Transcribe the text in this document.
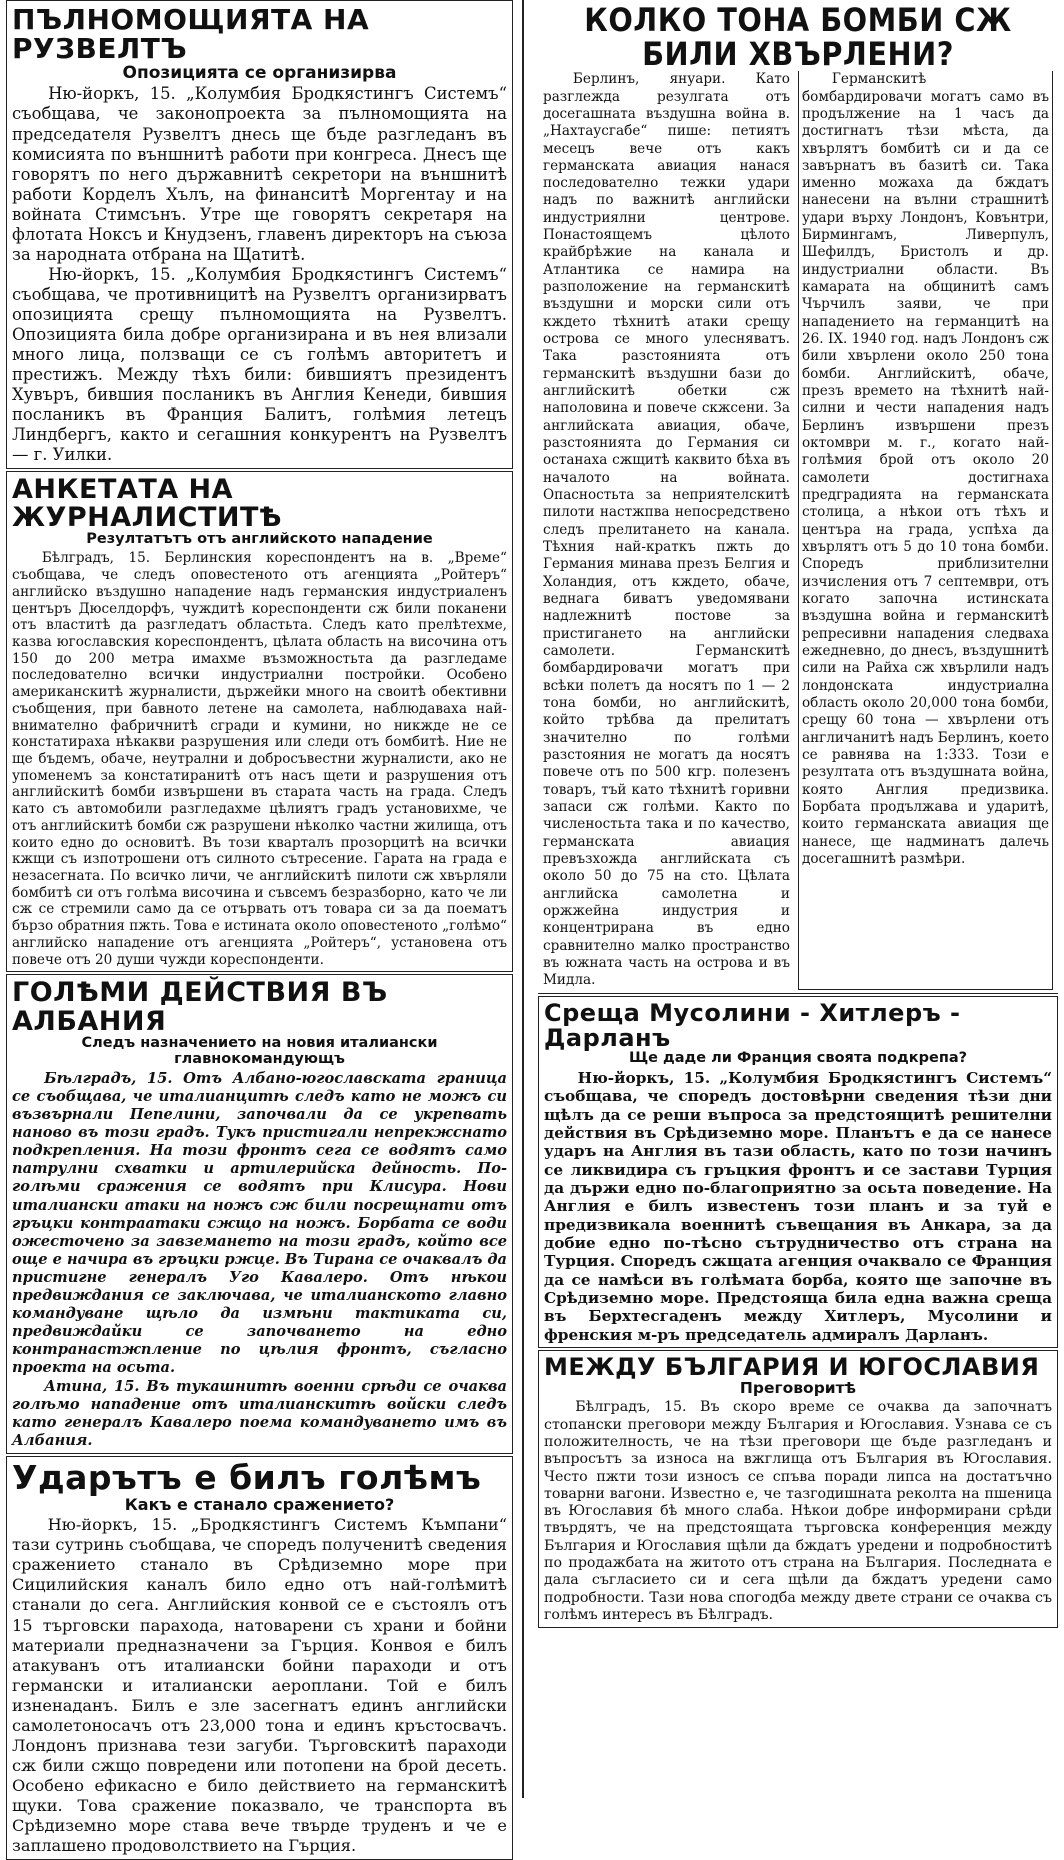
ПЪЛНОМОЩИЯТА НА РУЗВЕЛТЪ
Опозицията се организирва

Ню-йоркъ, 15. „Колумбия Бродкястингъ Системъ“ съобщава, че законопроекта за пълномощията на председателя Рузвелтъ днесь ще бъде разгледанъ въ комисията по външнитѣ работи при конгреса. Днесъ ще говорятъ по него държавнитѣ секретори на външнитѣ работи Корделъ Хълъ, на финанситѣ Моргентау и на войната Стимсънъ. Утре ще говорятъ секретаря на флотата Ноксъ и Кнудзенъ, главенъ директоръ на съюза за народната отбрана на Щатитѣ.

Ню-йоркъ, 15. „Колумбия Бродкястингъ Системъ“ съобщава, че противницитѣ на Рузвелтъ организирватъ опозицията срещу пълномощията на Рузвелтъ. Опозицията била добре организирана и въ нея влизали много лица, ползващи се съ голѣмъ авторитетъ и престижъ. Между тѣхъ били: бившиятъ президентъ Хувъръ, бившия посланикъ въ Англия Кенеди, бившия посланикъ въ Франция Балитъ, голѣмия летецъ Линдбергъ, както и сегашния конкурентъ на Рузвелтъ — г. Уилки.

АНКЕТАТА НА ЖУРНАЛИСТИТѢ
Резултатътъ отъ английското нападение

Бѣлградъ, 15. Берлинския кореспондентъ на в. „Време“ съобщава, че следъ оповестеното отъ агенцията „Ройтеръ“ английско въздушно нападение надъ германския индустриаленъ центъръ Дюселдорфъ, чуждитѣ кореспонденти сж били поканени отъ властитѣ да разгледатъ областьта. Следъ като прелѣтехме, казва югославския кореспондентъ, цѣлата область на височина отъ 150 до 200 метра имахме възможностьта да разгледаме последователно всички индустриални постройки. Особено американскитѣ журналисти, държейки много на своитѣ обективни съобщения, при бавното летене на самолета, наблюдаваха най-внимателно фабричнитѣ сгради и кумини, но никжде не се констатираха нѣкакви разрушения или следи отъ бомбитѣ. Ние не ще бъдемъ, обаче, неутрални и добросъвестни журналисти, ако не упоменемъ за констатиранитѣ отъ насъ щети и разрушения отъ английскитѣ бомби извършени въ старата часть на града. Следъ като съ автомобили разгледахме цѣлиятъ градъ установихме, че отъ английскитѣ бомби сж разрушени нѣколко частни жилища, отъ които едно до основитѣ. Въ този кварталъ прозорцитѣ на всички кжщи съ изпотрошени отъ силното сътресение. Гарата на града е незасегната. По всичко личи, че английскитѣ пилоти сж хвърляли бомбитѣ си отъ голѣма височина и съвсемъ безразборно, като че ли сж се стремили само да се отървать отъ товара си за да поематъ бързо обратния пжть. Това е истината около оповестеното „голѣмо“ английско нападение отъ агенцията „Ройтеръ“, установена отъ повече отъ 20 души чужди кореспонденти.

ГОЛѢМИ ДЕЙСТВИЯ ВЪ АЛБАНИЯ
Следъ назначението на новия италиански главнокомандующъ

Бѣлградъ, 15. Отъ Албано-югославската граница се съобщава, че италианцитѣ следъ като не можъ си възвърнали Пепелини, започвали да се укрепвать наново въ този градъ. Тукъ пристигали непрекжснато подкрепления. На този фронтъ сега се водятъ само патрулни схватки и артилерийска дейность. По-голѣми сражения се водятъ при Клисура. Нови италиански атаки на ножъ сж били посрещнати отъ гръцки контраатаки сжщо на ножъ. Борбата се води ожесточено за завземането на този градъ, който все още е начира въ гръцки ржце. Въ Тирана се очаквалъ да пристигне генералъ Уго Кавалеро. Отъ нѣкои предвиждания се заключава, че италианското главно командуване щѣло да измѣни тактиката си, предвиждайки се започването на едно контранастжпление по цѣлия фронтъ, съгласно проекта на осьта.

Атина, 15. Въ тукашнитѣ военни срѣди се очаква голѣмо нападение отъ италианскитѣ войски следъ като генералъ Кавалеро поема командуването имъ въ Албания.

Ударътъ е билъ голѣмъ
Какъ е станало сражението?

Ню-йоркъ, 15. „Бродкястингъ Системъ Къмпани“ тази сутринь съобщава, че споредъ полученитѣ сведения сражението станало въ Срѣдиземно море при Сицилийския каналъ било едно отъ най-голѣмитѣ станали до сега. Английския конвой се е състоялъ отъ 15 търговски парахода, натоварени съ храни и бойни материали предназначени за Гърция. Конвоя е билъ атакуванъ отъ италиански бойни параходи и отъ германски и италиански аероплани. Той е билъ изненаданъ. Билъ е зле засегнатъ единъ английски самолетоносачъ отъ 23,000 тона и единъ кръстосвачъ. Лондонъ признава тези загуби. Търговскитѣ параходи сж били сжщо повредени или потопени на брой десеть. Особено ефикасно е било действието на германскитѣ щуки. Това сражение показвало, че транспорта въ Срѣдиземно море става вече твърде труденъ и че е заплашено продоволствието на Гърция.

КОЛКО ТОНА БОМБИ СЖ БИЛИ ХВЪРЛЕНИ?

Берлинъ, януари. Като разглежда резулгата отъ досегашната въздушна война в. „Нахтаусгабе“ пише: петиятъ месецъ вече отъ какъ германската авиация нанася последователно тежки удари надъ по важнитѣ английски индустриялни центрове. Понастоящемъ цѣлото крайбрѣжие на канала и Атлантика се намира на разположение на германскитѣ въздушни и морски сили отъ кждето тѣхнитѣ атаки срещу острова се много улесняватъ. Така разстоянията отъ германскитѣ въздушни бази до английскитѣ обетки сж наполовина и повече скжсени. За английската авиация, обаче, разстоянията до Германия си останаха сжщитѣ каквито бѣха въ началото на войната. Опасностьта за неприятелскитѣ пилоти настжпва непосредствено следъ прелитането на канала. Тѣхния най-краткъ пжть до Германия минава презъ Белгия и Холандия, отъ кждето, обаче, веднага биватъ уведомявани надлежнитѣ постове за пристигането на английски самолети. Германскитѣ бомбардировачи могатъ при всѣки полетъ да носятъ по 1 — 2 тона бомби, но английскитѣ, който трѣбва да прелитатъ значително по голѣми разстояния не могатъ да носятъ повече отъ по 500 кгр. полезенъ товаръ, тъй като тѣхнитѣ горивни запаси сж голѣми. Както по численостьта така и по качество, германската авиация превъзхожда английската съ около 50 до 75 на сто. Цѣлата английска самолетна и оржжейна индустрия и концентрирана въ едно сравнително малко пространство въ южната часть на острова и въ Мидла.

Германскитѣ бомбардировачи могатъ само въ продължение на 1 часъ да достигнатъ тѣзи мѣста, да хвърлятъ бомбитѣ си и да се завърнатъ въ базитѣ си. Така именно можаха да бждатъ нанесени на вълни страшнитѣ удари върху Лондонъ, Ковънтри, Бирмингамъ, Ливерпулъ, Шефилдъ, Бристолъ и др. индустриални области. Въ камарата на общинитѣ самъ Чърчилъ заяви, че при нападението на германцитѣ на 26. IX. 1940 год. надъ Лондонъ сж били хвърлени около 250 тона бомби. Английскитѣ, обаче, презъ времето на тѣхнитѣ най-силни и чести нападения надъ Берлинъ извършени презъ октомври м. г., когато най-голѣмия брой отъ около 20 самолети достигнаха предградията на германската столица, а нѣкои отъ тѣхъ и центъра на града, успѣха да хвърлятъ отъ 5 до 10 тона бомби. Споредъ приблизителни изчисления отъ 7 септември, отъ когато започна истинската въздушна война и германскитѣ репресивни нападения следваха ежедневно, до днесъ, въздушнитѣ сили на Райха сж хвърлили надъ лондонската индустриална область около 20,000 тона бомби, срещу 60 тона — хвърлени отъ англичанитѣ надъ Берлинъ, което се равнява на 1:333. Този е резултата отъ въздушната война, която Англия предизвика. Борбата продължава и ударитѣ, които германската авиация ще нанесе, ще надминатъ далечь досегашнитѣ размѣри.

Среща Мусолини - Хитлеръ - Дарланъ
Ще даде ли Франция своята подкрепа?

Ню-йоркъ, 15. „Колумбия Бродкястингъ Системъ“ съобщава, че споредъ достовѣрни сведения тѣзи дни щѣлъ да се реши въпроса за предстоящитѣ решителни действия въ Срѣдиземно море. Планътъ е да се нанесе ударъ на Англия въ тази область, като по този начинъ се ликвидира съ гръцкия фронтъ и се застави Турция да държи едно по-благоприятно за осьта поведение. На Англия е билъ известенъ този планъ и за туй е предизвикала военнитѣ съвещания въ Анкара, за да добие едно по-тѣсно сътрудничество отъ страна на Турция. Споредъ сжщата агенция очаквало се Франция да се намѣси въ голѣмата борба, която ще започне въ Срѣдиземно море. Предстояща била една важна среща въ Берхтесгаденъ между Хитлеръ, Мусолини и френския м-ръ председатель адмиралъ Дарланъ.

МЕЖДУ БЪЛГАРИЯ И ЮГОСЛАВИЯ
Преговоритѣ

Бѣлградъ, 15. Въ скоро време се очаква да започнатъ стопански преговори между България и Югославия. Узнава се съ положителность, че на тѣзи преговори ще бъде разгледанъ и въпросътъ за износа на вжглища отъ България въ Югославия. Често пжти този износъ се спъва поради липса на достатъчно товарни вагони. Известно е, че тазгодишната реколта на пшеница въ Югославия бѣ много слаба. Нѣкои добре информирани срѣди твърдятъ, че на предстоящата търговска конференция между България и Югославия щѣли да бждатъ уредени и подробноститѣ по продажбата на житото отъ страна на България. Последната е дала съгласието си и сега щѣли да бждатъ уредени само подробности. Тази нова спогодба между двете страни се очаква съ голѣмъ интересъ въ Бѣлградъ.
